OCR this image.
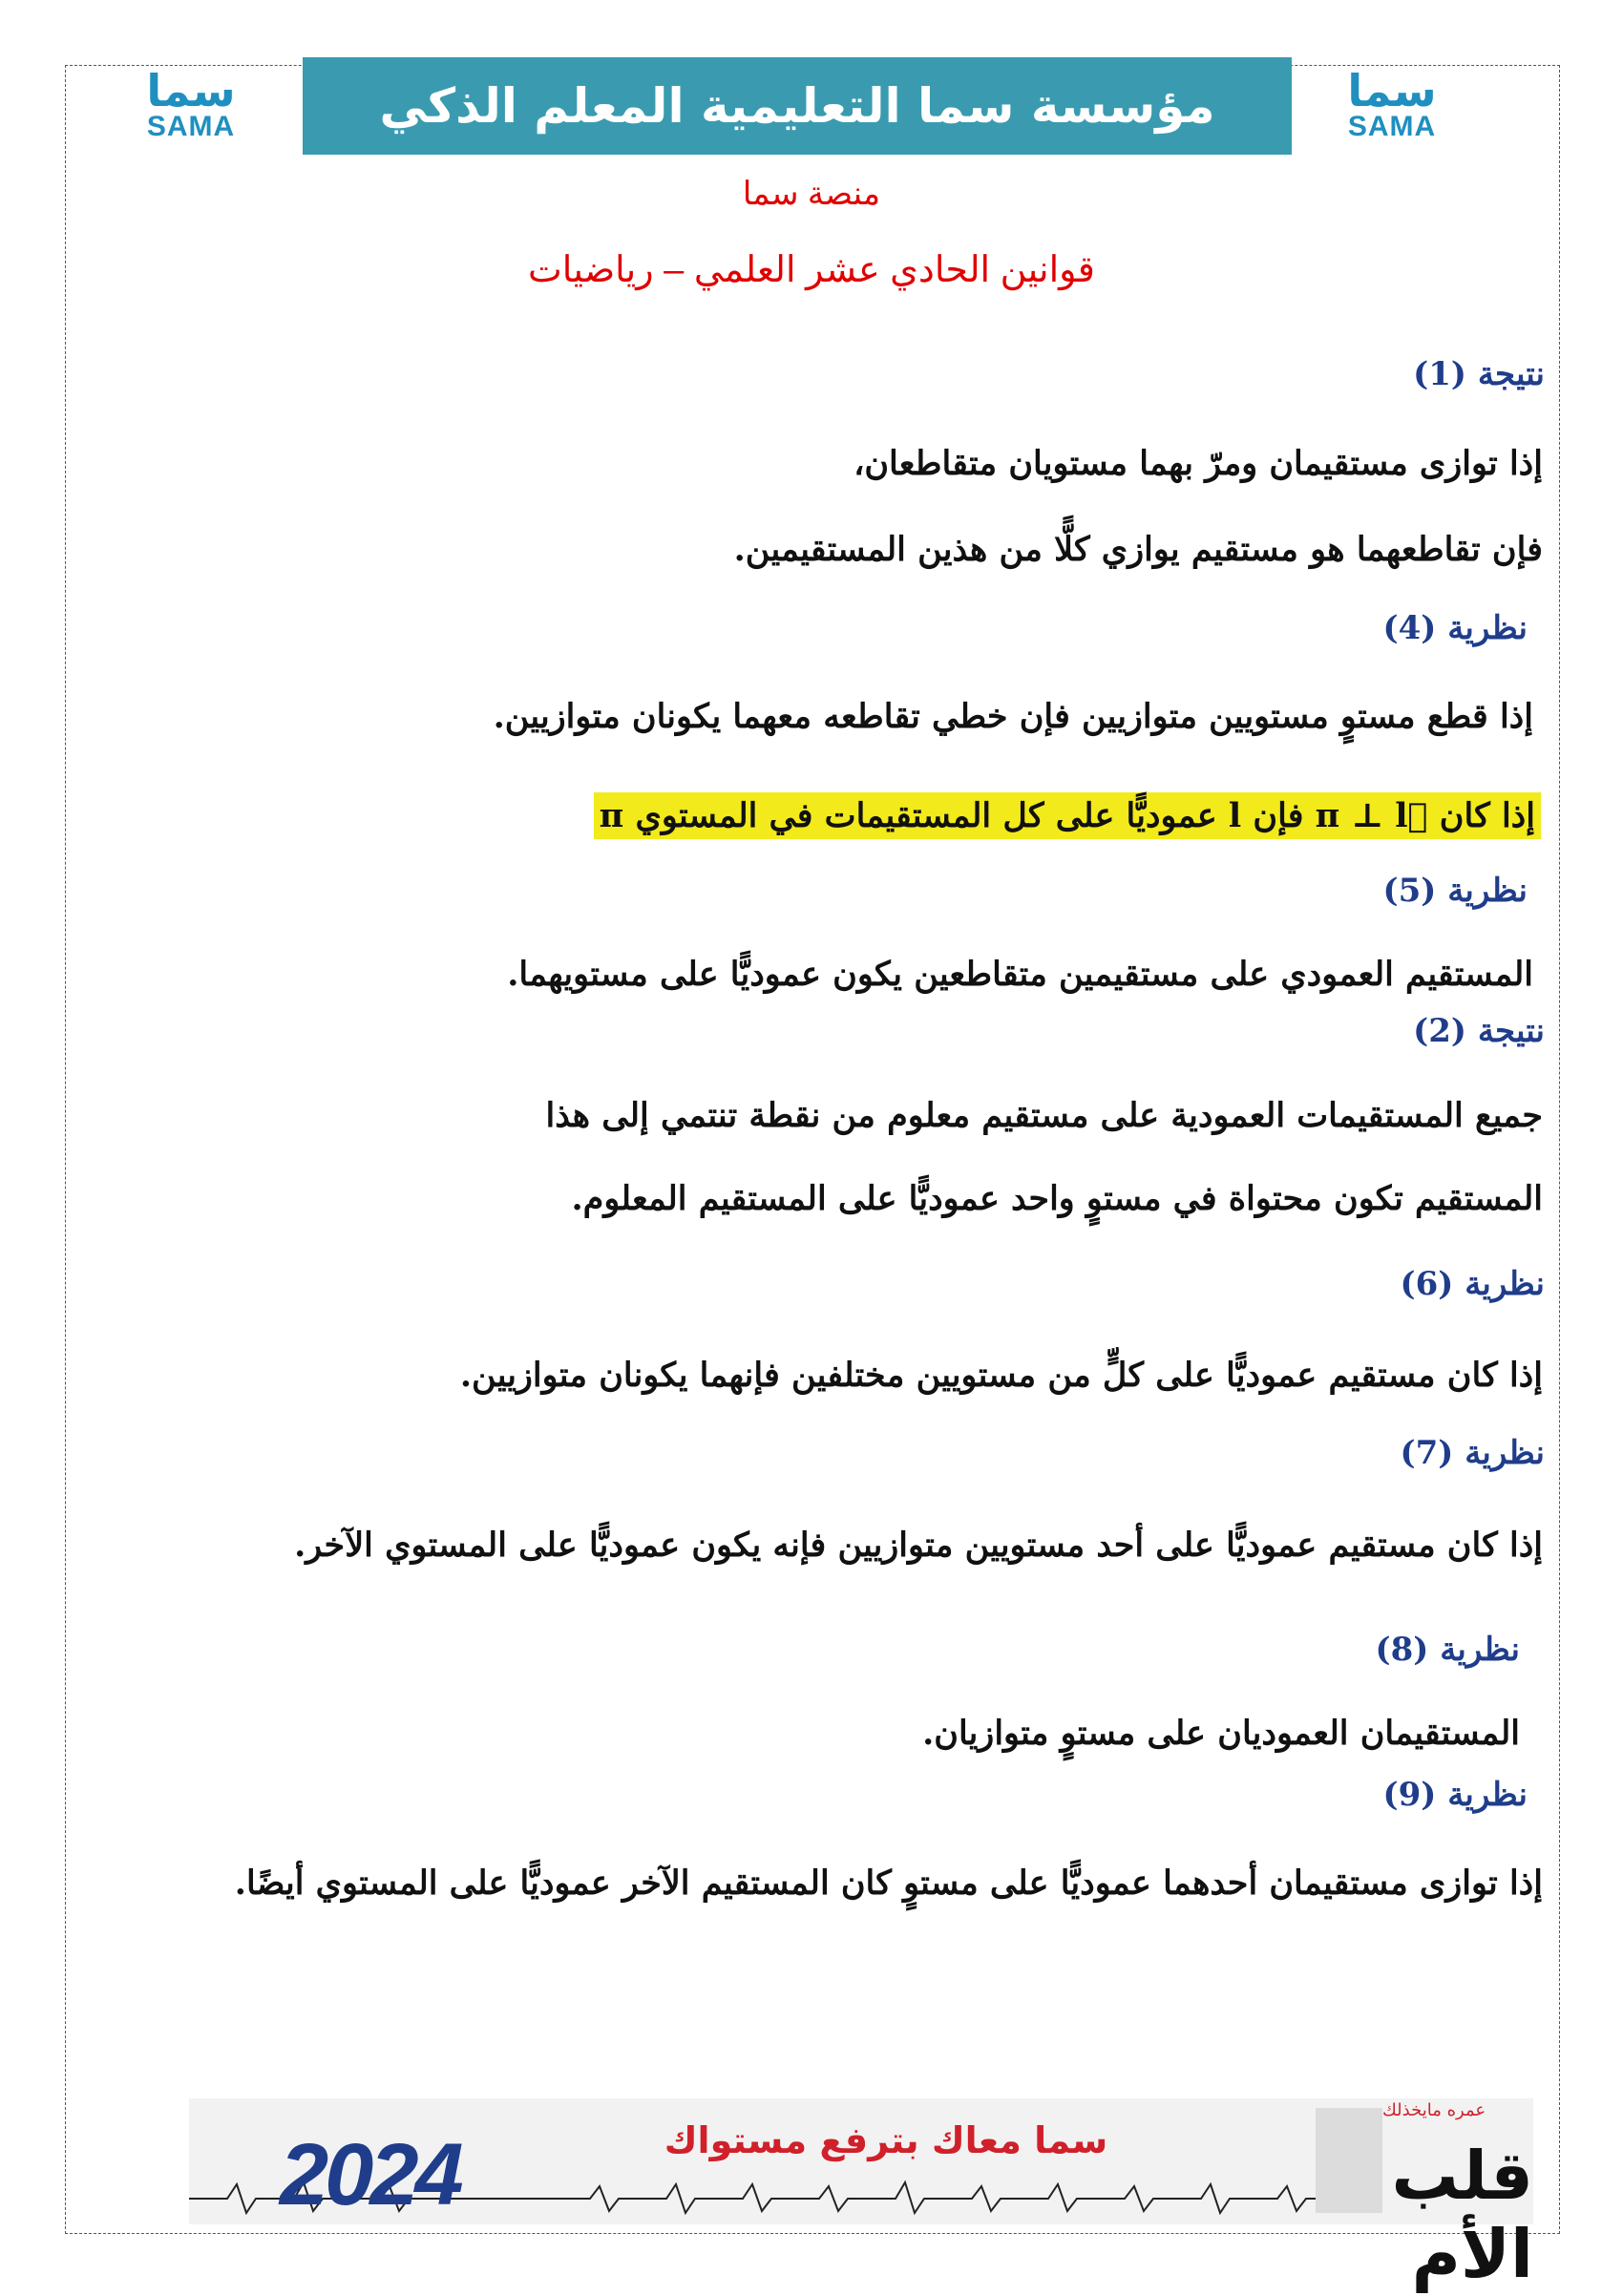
سما
SAMA	مؤسسة سما التعليمية المعلم الذكي	سما
SAMA
منصة سما
قوانين الحادي عشر العلمي – رياضيات
نتيجة (1)
إذا توازى مستقيمان ومرّ بهما مستويان متقاطعان،
فإن تقاطعهما هو مستقيم يوازي كلًّا من هذين المستقيمين.
نظرية (4)
إذا قطع مستوٍ مستويين متوازيين فإن خطي تقاطعه معهما يكونان متوازيين.
إذا كان π ⊥ l⃡ فإن l عموديًّا على كل المستقيمات في المستوي π
نظرية (5)
المستقيم العمودي على مستقيمين متقاطعين يكون عموديًّا على مستويهما.
نتيجة (2)
جميع المستقيمات العمودية على مستقيم معلوم من نقطة تنتمي إلى هذا
المستقيم تكون محتواة في مستوٍ واحد عموديًّا على المستقيم المعلوم.
نظرية (6)
إذا كان مستقيم عموديًّا على كلٍّ من مستويين مختلفين فإنهما يكونان متوازيين.
نظرية (7)
إذا كان مستقيم عموديًّا على أحد مستويين متوازيين فإنه يكون عموديًّا على المستوي الآخر.
نظرية (8)
المستقيمان العموديان على مستوٍ متوازيان.
نظرية (9)
إذا توازى مستقيمان أحدهما عموديًّا على مستوٍ كان المستقيم الآخر عموديًّا على المستوي أيضًا.
2024	سما معاك بترفع مستواك
عمره مايخذلك
قلب الأم
